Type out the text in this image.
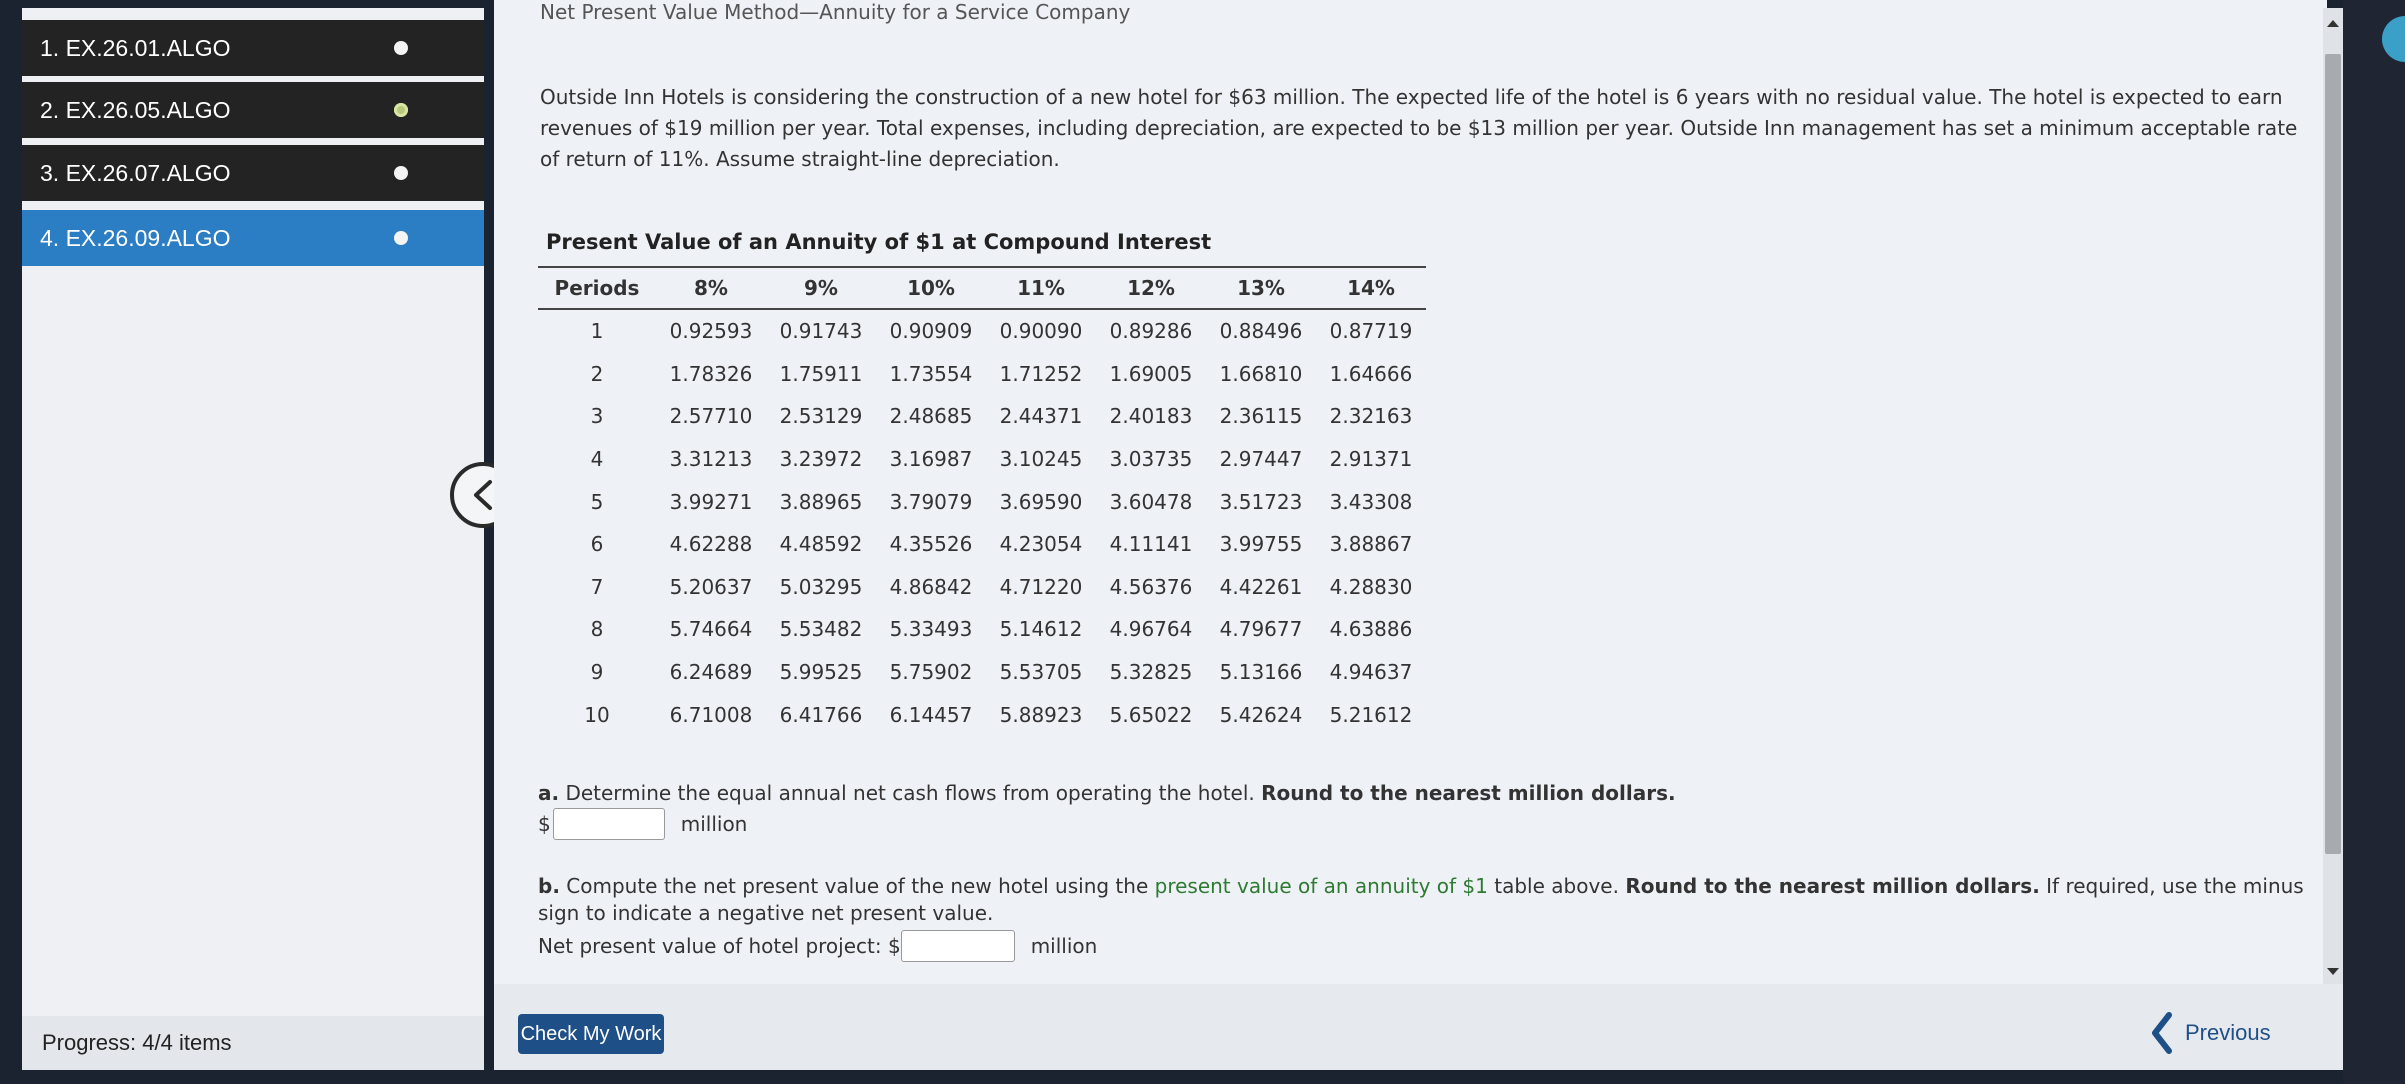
1. EX.26.01.ALGO
2. EX.26.05.ALGO
3. EX.26.07.ALGO
4. EX.26.09.ALGO
Progress:
4/4 items
Net Present Value Method—Annuity for a Service Company
Outside Inn Hotels is considering the construction of a new hotel for $63 million. The expected life of the hotel is 6 years with no residual value. The hotel is expected to earn revenues of $19 million per year. Total expenses, including depreciation, are expected to be $13 million per year. Outside Inn management has set a minimum acceptable rate of return of 11%. Assume straight-line depreciation.
Present Value of an Annuity of $1 at Compound Interest
Periods	8%	9%	10%	11%	12%	13%	14%
1	0.92593	0.91743	0.90909	0.90090	0.89286	0.88496	0.87719
2	1.78326	1.75911	1.73554	1.71252	1.69005	1.66810	1.64666
3	2.57710	2.53129	2.48685	2.44371	2.40183	2.36115	2.32163
4	3.31213	3.23972	3.16987	3.10245	3.03735	2.97447	2.91371
5	3.99271	3.88965	3.79079	3.69590	3.60478	3.51723	3.43308
6	4.62288	4.48592	4.35526	4.23054	4.11141	3.99755	3.88867
7	5.20637	5.03295	4.86842	4.71220	4.56376	4.42261	4.28830
8	5.74664	5.53482	5.33493	5.14612	4.96764	4.79677	4.63886
9	6.24689	5.99525	5.75902	5.53705	5.32825	5.13166	4.94637
10	6.71008	6.41766	6.14457	5.88923	5.65022	5.42624	5.21612
a. Determine the equal annual net cash flows from operating the hotel. Round to the nearest million dollars.
$	million
b. Compute the net present value of the new hotel using the present value of an annuity of $1 table above. Round to the nearest million dollars. If required, use the minus sign to indicate a negative net present value.
Net present value of hotel project:
$	million
Check My Work	Previous
